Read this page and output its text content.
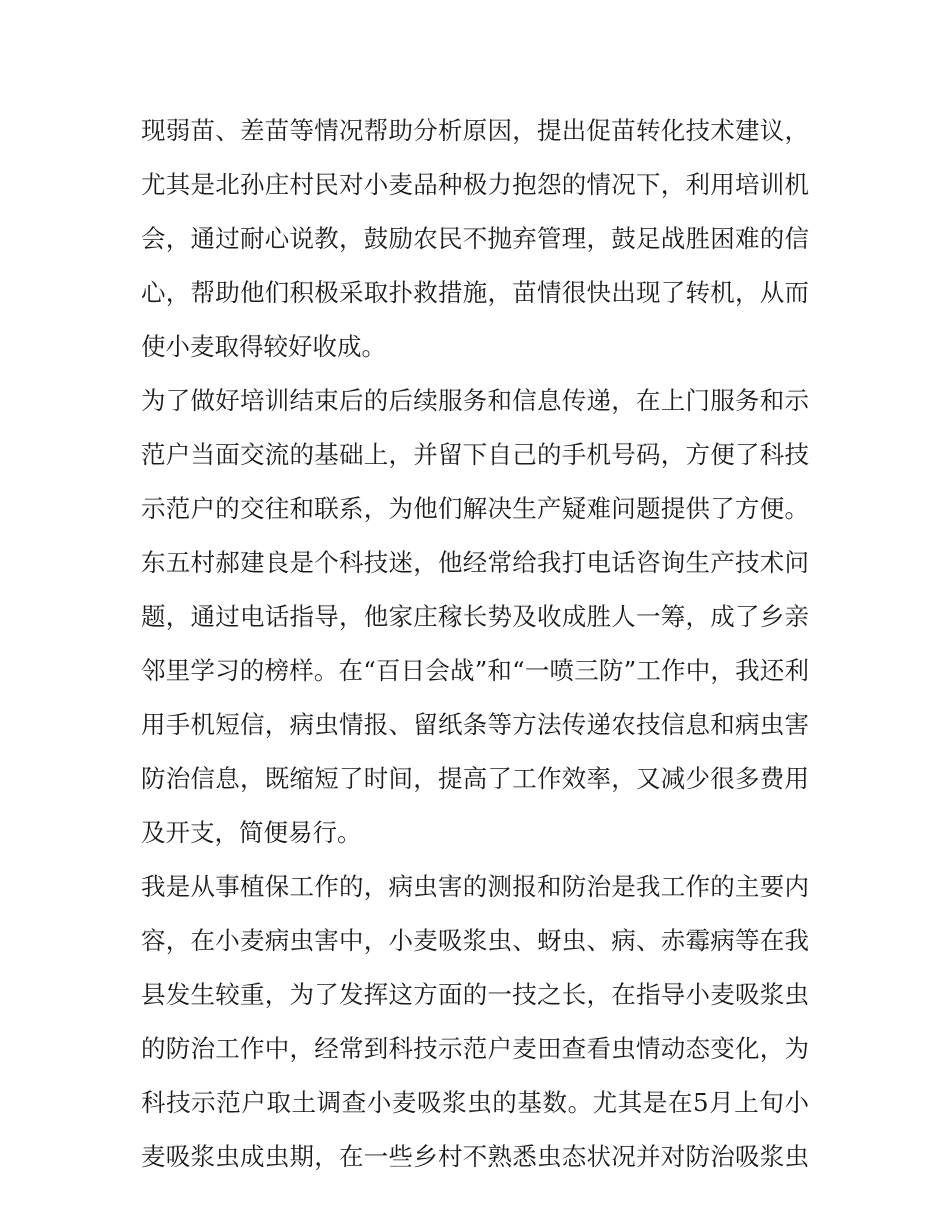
现弱苗、差苗等情况帮助分析原因，提出促苗转化技术建议，
尤其是北孙庄村民对小麦品种极力抱怨的情况下，利用培训机
会，通过耐心说教，鼓励农民不抛弃管理，鼓足战胜困难的信
心，帮助他们积极采取扑救措施，苗情很快出现了转机，从而
使小麦取得较好收成。
为了做好培训结束后的后续服务和信息传递，在上门服务和示
范户当面交流的基础上，并留下自己的手机号码，方便了科技
示范户的交往和联系，为他们解决生产疑难问题提供了方便。
东五村郝建良是个科技迷，他经常给我打电话咨询生产技术问
题，通过电话指导，他家庄稼长势及收成胜人一筹，成了乡亲
邻里学习的榜样。在“百日会战”和“一喷三防”工作中，我还利
用手机短信，病虫情报、留纸条等方法传递农技信息和病虫害
防治信息，既缩短了时间，提高了工作效率，又减少很多费用
及开支，简便易行。
我是从事植保工作的，病虫害的测报和防治是我工作的主要内
容，在小麦病虫害中，小麦吸浆虫、蚜虫、病、赤霉病等在我
县发生较重，为了发挥这方面的一技之长，在指导小麦吸浆虫
的防治工作中，经常到科技示范户麦田查看虫情动态变化，为
科技示范户取土调查小麦吸浆虫的基数。尤其是在5月上旬小
麦吸浆虫成虫期，在一些乡村不熟悉虫态状况并对防治吸浆虫
